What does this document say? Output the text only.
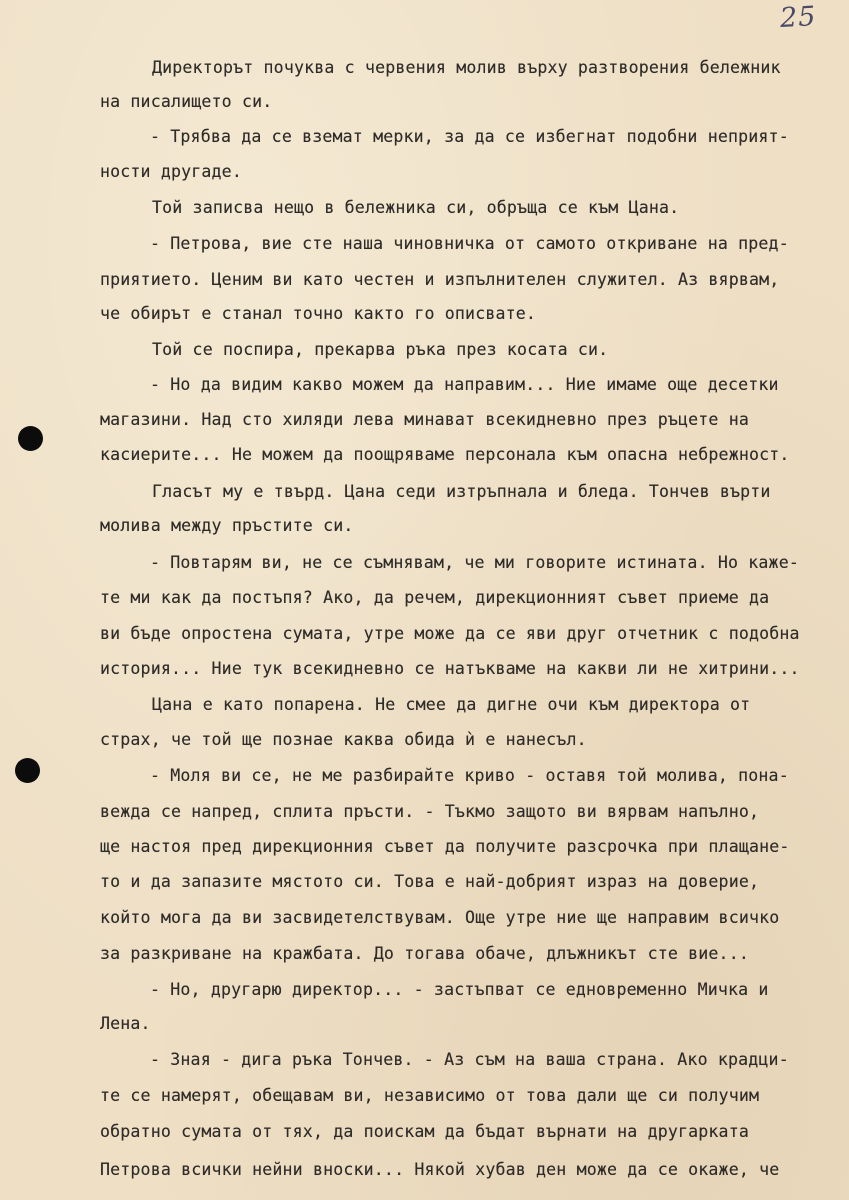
25
Директорът почуква с червения молив върху разтворения бележник
на писалището си.
- Трябва да се вземат мерки, за да се избегнат подобни неприят-
ности другаде.
Той записва нещо в бележника си, обръща се към Цана.
- Петрова, вие сте наша чиновничка от самото откриване на пред-
приятието. Ценим ви като честен и изпълнителен служител. Аз вярвам,
че обирът е станал точно както го описвате.
Той се поспира, прекарва ръка през косата си.
- Но да видим какво можем да направим... Ние имаме още десетки
магазини. Над сто хиляди лева минават всекидневно през ръцете на
касиерите... Не можем да поощряваме персонала към опасна небрежност.
Гласът му е твърд. Цана седи изтръпнала и бледа. Тончев върти
молива между пръстите си.
- Повтарям ви, не се съмнявам, че ми говорите истината. Но каже-
те ми как да постъпя? Ако, да речем, дирекционният съвет приеме да
ви бъде опростена сумата, утре може да се яви друг отчетник с подобна
история... Ние тук всекидневно се натъкваме на какви ли не хитрини...
Цана е като попарена. Не смее да дигне очи към директора от
страх, че той ще познае каква обида ѝ е нанесъл.
- Моля ви се, не ме разбирайте криво - оставя той молива, пона-
вежда се напред, сплита пръсти. - Тъкмо защото ви вярвам напълно,
ще настоя пред дирекционния съвет да получите разсрочка при плащане-
то и да запазите мястото си. Това е най-добрият израз на доверие,
който мога да ви засвидетелствувам. Още утре ние ще направим всичко
за разкриване на кражбата. До тогава обаче, длъжникът сте вие...
- Но, другарю директор... - застъпват се едновременно Мичка и
Лена.
- Зная - дига ръка Тончев. - Аз съм на ваша страна. Ако крадци-
те се намерят, обещавам ви, независимо от това дали ще си получим
обратно сумата от тях, да поискам да бъдат върнати на другарката
Петрова всички нейни вноски... Някой хубав ден може да се окаже, че
